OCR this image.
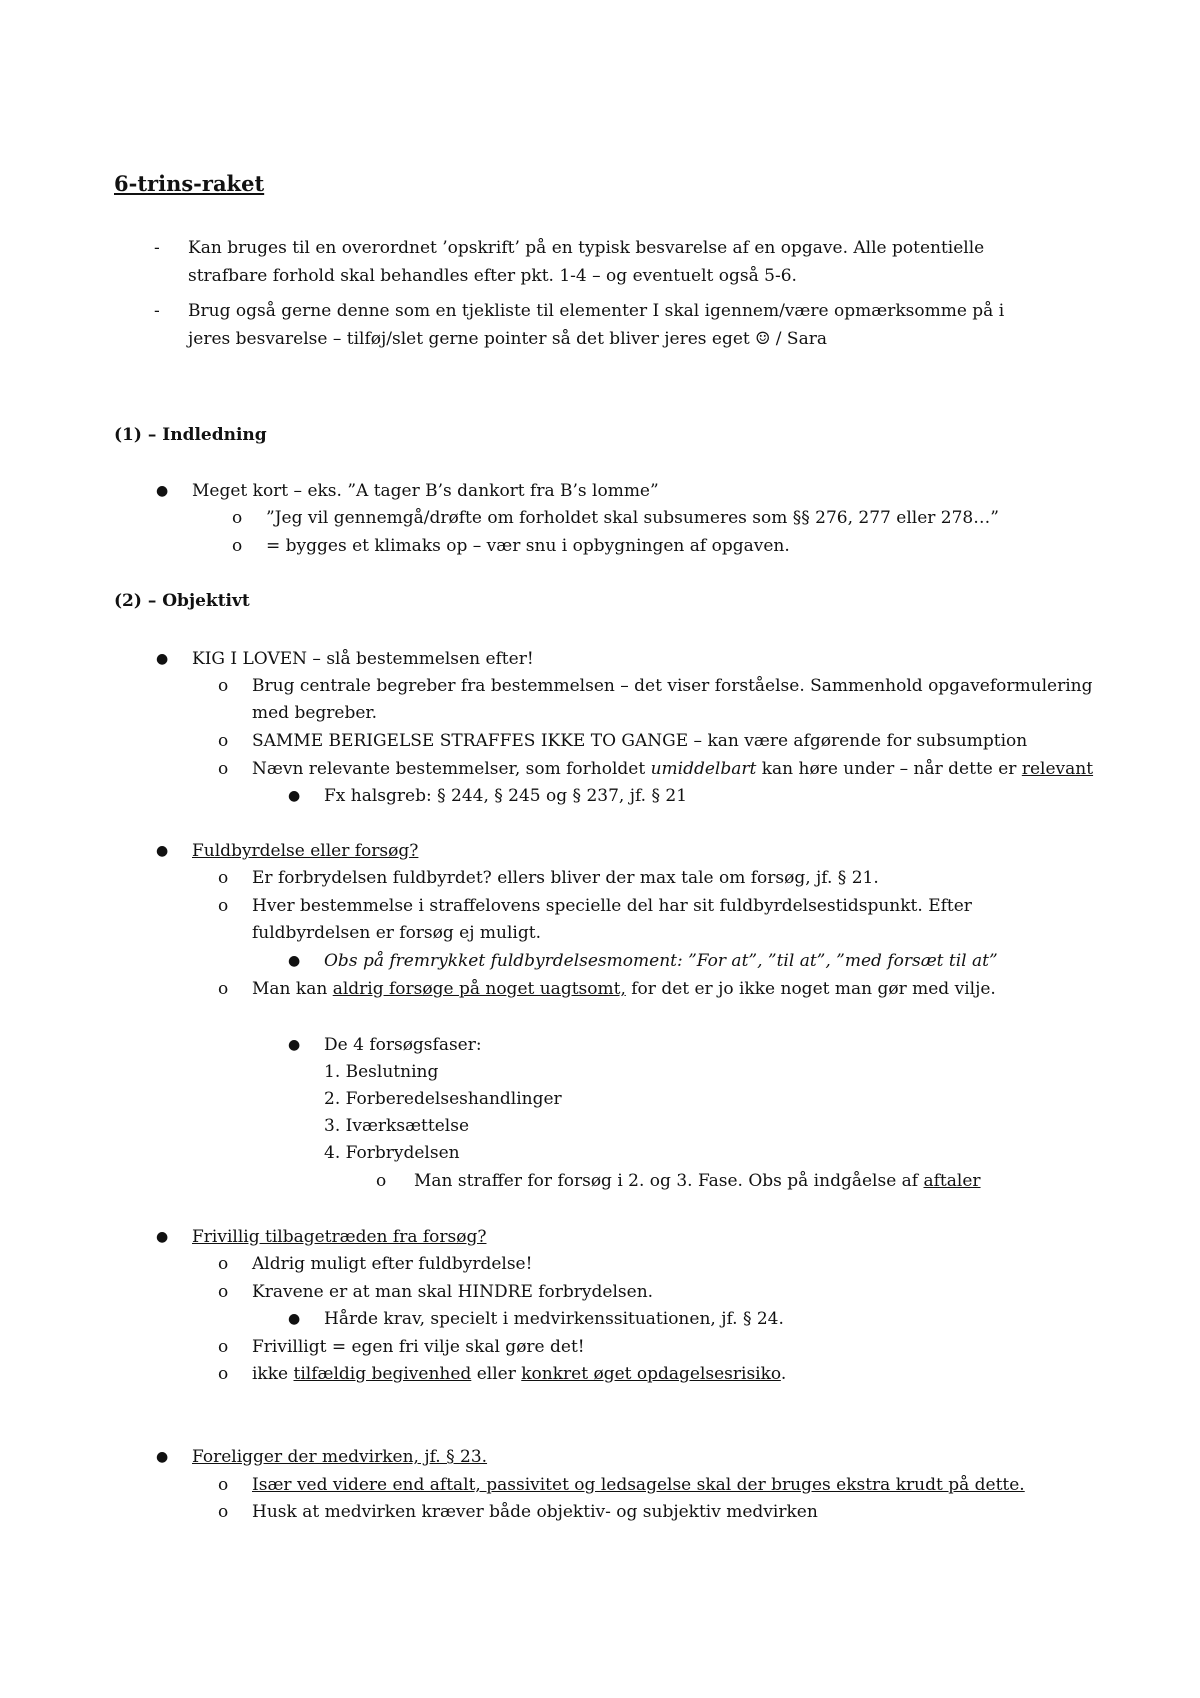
6-trins-raket
- Kan bruges til en overordnet ’opskrift’ på en typisk besvarelse af en opgave. Alle potentielle
strafbare forhold skal behandles efter pkt. 1-4 – og eventuelt også 5-6.
- Brug også gerne denne som en tjekliste til elementer I skal igennem/være opmærksomme på i
jeres besvarelse – tilføj/slet gerne pointer så det bliver jeres eget ☺ / Sara
(1) – Indledning
● Meget kort – eks. ”A tager B’s dankort fra B’s lomme”
o ”Jeg vil gennemgå/drøfte om forholdet skal subsumeres som §§ 276, 277 eller 278…”
o = bygges et klimaks op – vær snu i opbygningen af opgaven.
(2) – Objektivt
● KIG I LOVEN – slå bestemmelsen efter!
o Brug centrale begreber fra bestemmelsen – det viser forståelse. Sammenhold opgaveformulering
med begreber.
o SAMME BERIGELSE STRAFFES IKKE TO GANGE – kan være afgørende for subsumption
o Nævn relevante bestemmelser, som forholdet umiddelbart kan høre under – når dette er relevant
● Fx halsgreb: § 244, § 245 og § 237, jf. § 21
● Fuldbyrdelse eller forsøg?
o Er forbrydelsen fuldbyrdet? ellers bliver der max tale om forsøg, jf. § 21.
o Hver bestemmelse i straffelovens specielle del har sit fuldbyrdelsestidspunkt. Efter
fuldbyrdelsen er forsøg ej muligt.
● Obs på fremrykket fuldbyrdelsesmoment: ”For at”, ”til at”, ”med forsæt til at”
o Man kan aldrig forsøge på noget uagtsomt, for det er jo ikke noget man gør med vilje.
● De 4 forsøgsfaser:
1. Beslutning
2. Forberedelseshandlinger
3. Iværksættelse
4. Forbrydelsen
o Man straffer for forsøg i 2. og 3. Fase. Obs på indgåelse af aftaler
● Frivillig tilbagetræden fra forsøg?
o Aldrig muligt efter fuldbyrdelse!
o Kravene er at man skal HINDRE forbrydelsen.
● Hårde krav, specielt i medvirkenssituationen, jf. § 24.
o Frivilligt = egen fri vilje skal gøre det!
o ikke tilfældig begivenhed eller konkret øget opdagelsesrisiko.
● Foreligger der medvirken, jf. § 23.
o Især ved videre end aftalt, passivitet og ledsagelse skal der bruges ekstra krudt på dette.
o Husk at medvirken kræver både objektiv- og subjektiv medvirken
